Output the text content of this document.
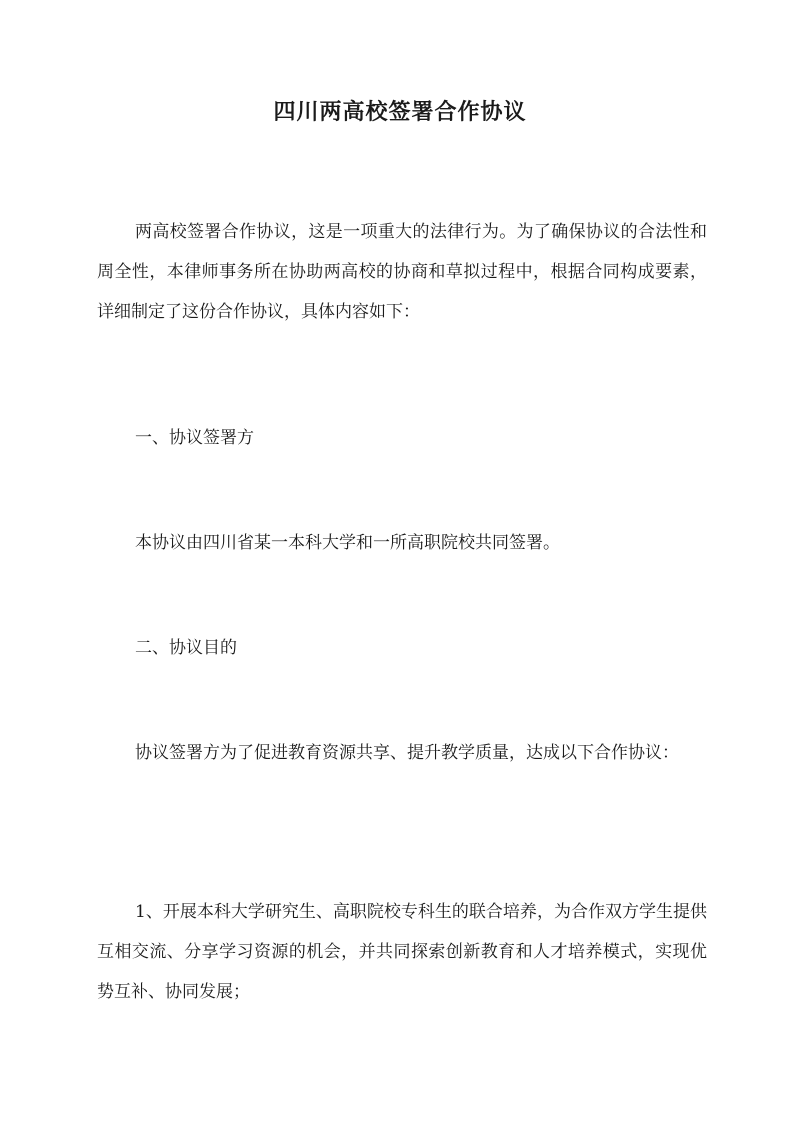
四川两高校签署合作协议

两高校签署合作协议，这是一项重大的法律行为。为了确保协议的合法性和周全性，本律师事务所在协助两高校的协商和草拟过程中，根据合同构成要素，详细制定了这份合作协议，具体内容如下：

一、协议签署方

本协议由四川省某一本科大学和一所高职院校共同签署。

二、协议目的

协议签署方为了促进教育资源共享、提升教学质量，达成以下合作协议：

1、开展本科大学研究生、高职院校专科生的联合培养，为合作双方学生提供互相交流、分享学习资源的机会，并共同探索创新教育和人才培养模式，实现优势互补、协同发展；
